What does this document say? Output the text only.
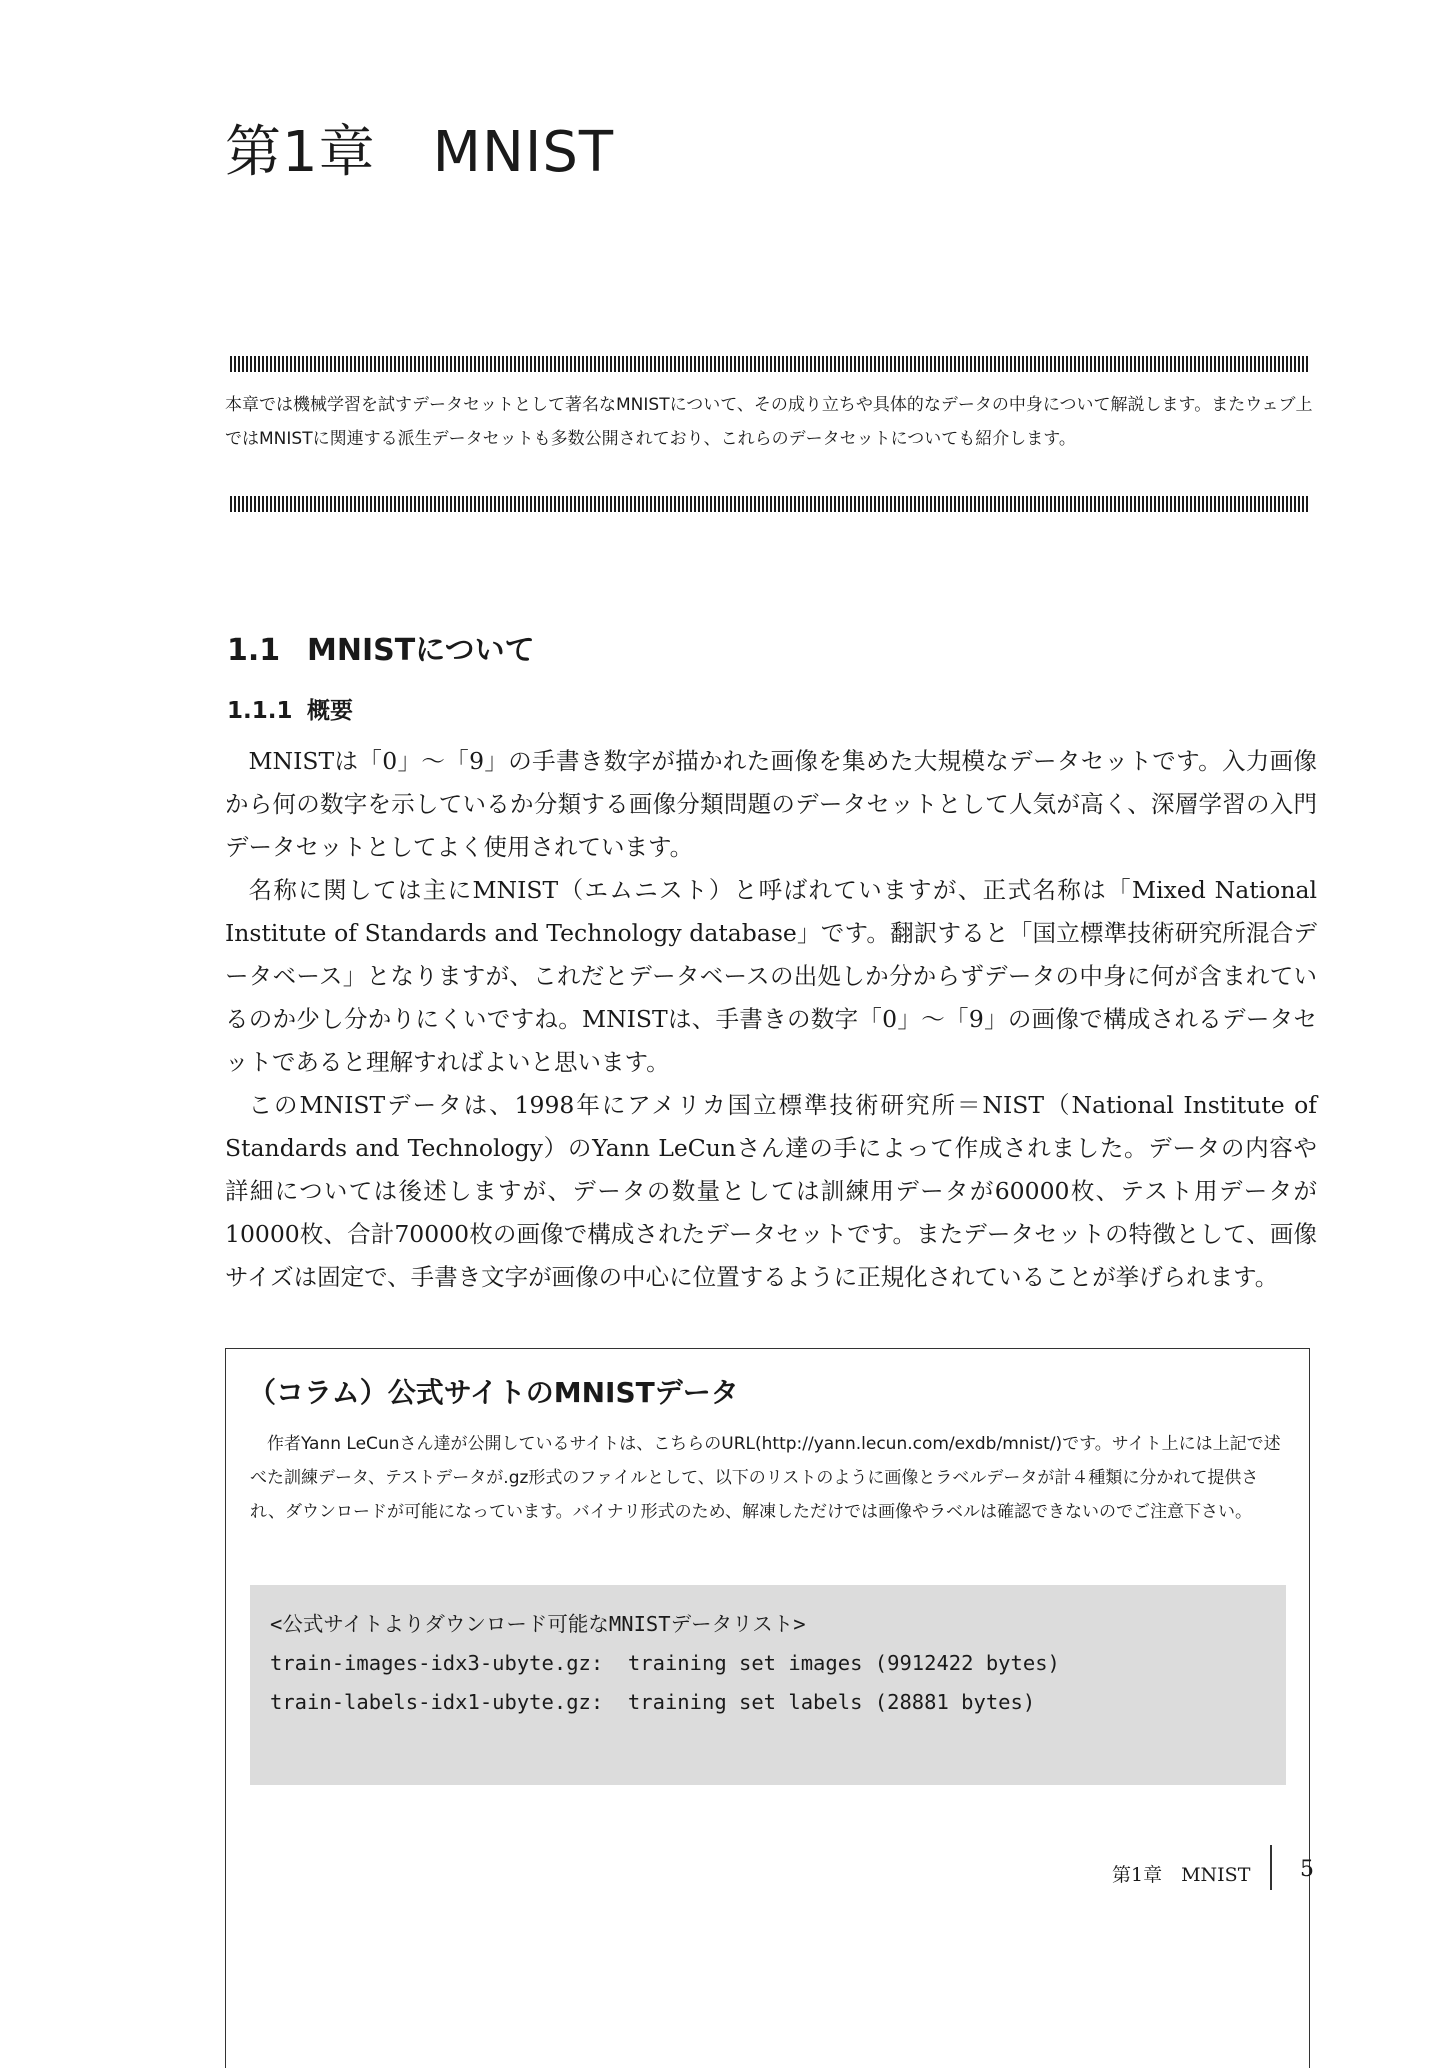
第1章　MNIST

本章では機械学習を試すデータセットとして著名なMNISTについて、その成り立ちや具体的なデータの中身について解説します。またウェブ上ではMNISTに関連する派生データセットも多数公開されており、これらのデータセットについても紹介します。

1.1 MNISTについて
1.1.1 概要

MNISTは「0」～「9」の手書き数字が描かれた画像を集めた大規模なデータセットです。入力画像から何の数字を示しているか分類する画像分類問題のデータセットとして人気が高く、深層学習の入門データセットとしてよく使用されています。

名称に関しては主にMNIST（エムニスト）と呼ばれていますが、正式名称は「Mixed National Institute of Standards and Technology database」です。翻訳すると「国立標準技術研究所混合データベース」となりますが、これだとデータベースの出処しか分からずデータの中身に何が含まれているのか少し分かりにくいですね。MNISTは、手書きの数字「0」～「9」の画像で構成されるデータセットであると理解すればよいと思います。

このMNISTデータは、1998年にアメリカ国立標準技術研究所＝NIST（National Institute of Standards and Technology）のYann LeCunさん達の手によって作成されました。データの内容や詳細については後述しますが、データの数量としては訓練用データが60000枚、テスト用データが10000枚、合計70000枚の画像で構成されたデータセットです。またデータセットの特徴として、画像サイズは固定で、手書き文字が画像の中心に位置するように正規化されていることが挙げられます。

（コラム）公式サイトのMNISTデータ

作者Yann LeCunさん達が公開しているサイトは、こちらのURL(http://yann.lecun.com/exdb/mnist/)です。サイト上には上記で述べた訓練データ、テストデータが.gz形式のファイルとして、以下のリストのように画像とラベルデータが計４種類に分かれて提供され、ダウンロードが可能になっています。バイナリ形式のため、解凍しただけでは画像やラベルは確認できないのでご注意下さい。

<公式サイトよりダウンロード可能なMNISTデータリスト>
train-images-idx3-ubyte.gz:  training set images (9912422 bytes)
train-labels-idx1-ubyte.gz:  training set labels (28881 bytes)
第1章　MNIST 5
